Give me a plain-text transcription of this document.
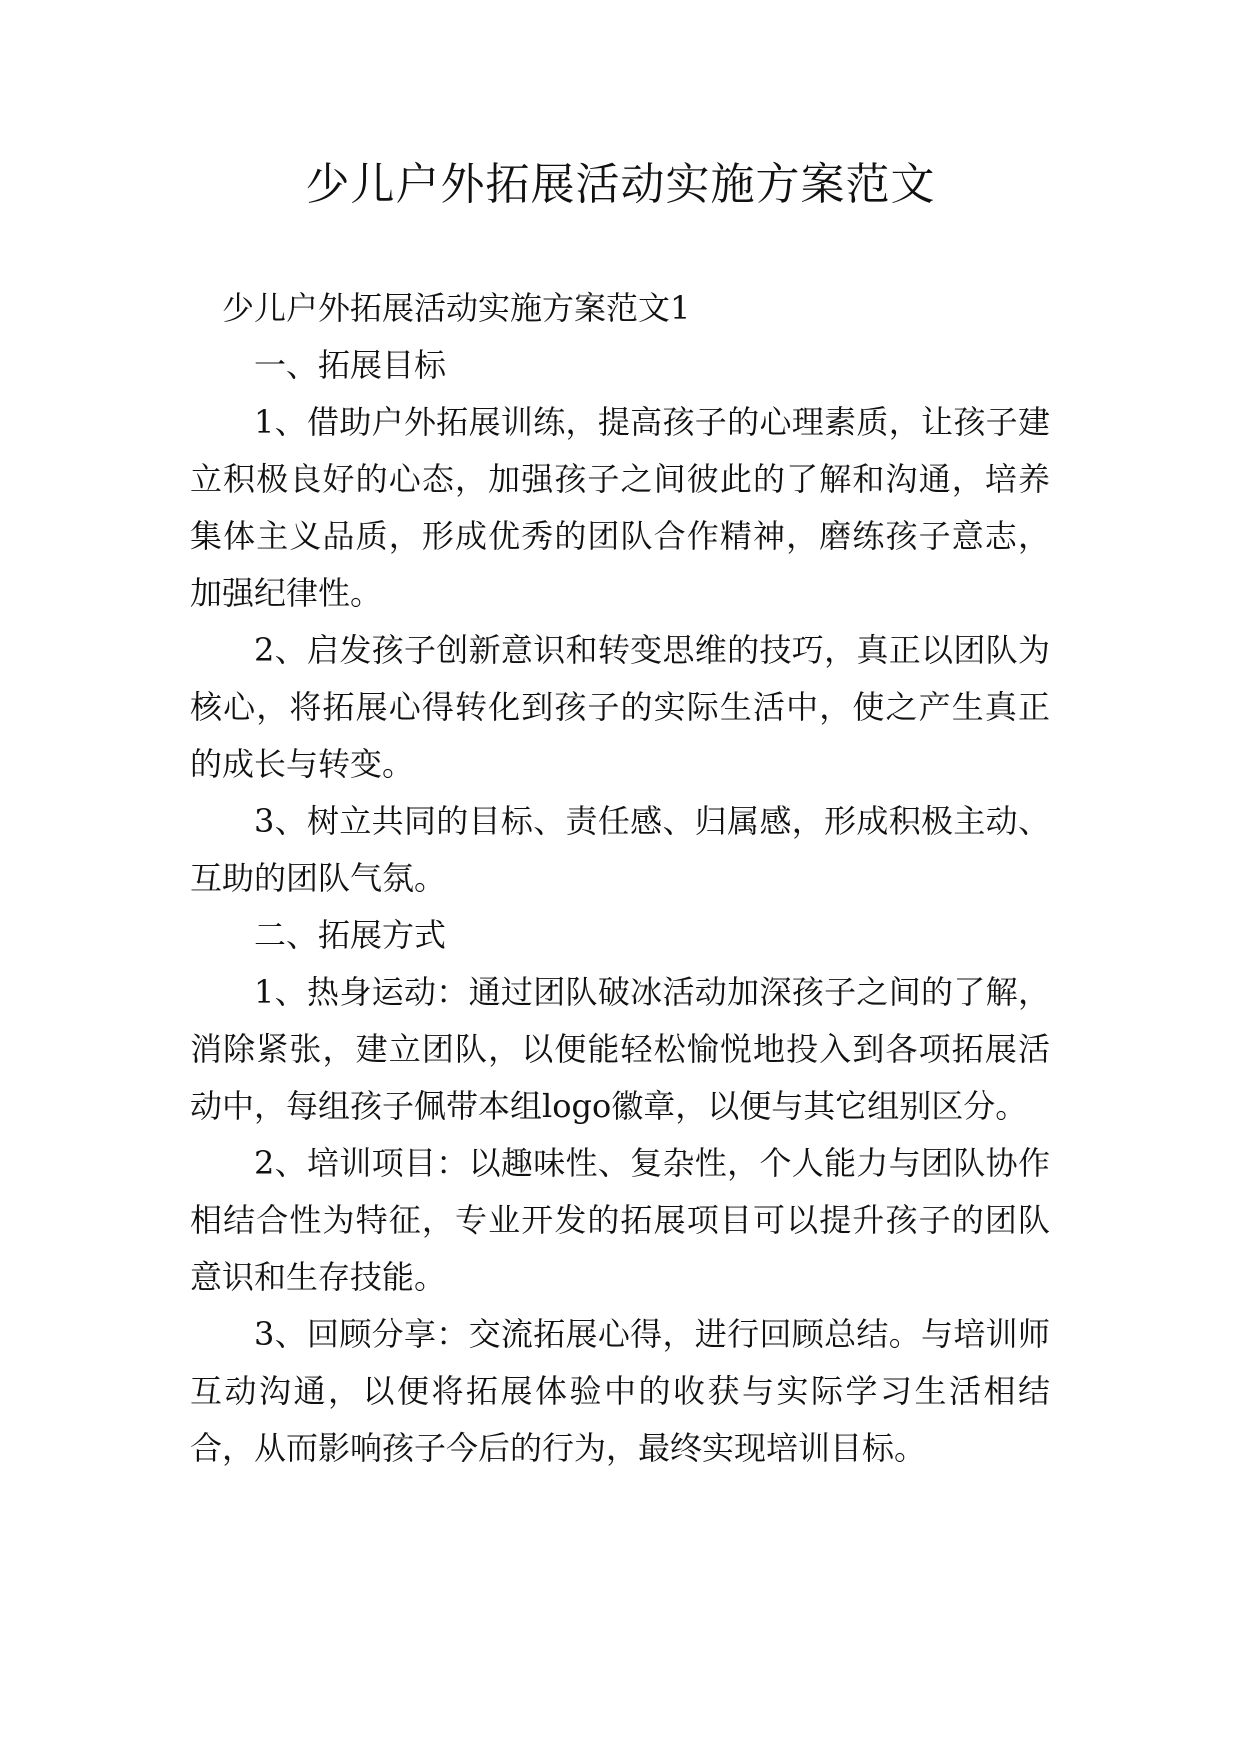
少儿户外拓展活动实施方案范文

少儿户外拓展活动实施方案范文1

一、拓展目标

1、借助户外拓展训练，提高孩子的心理素质，让孩子建立积极良好的心态，加强孩子之间彼此的了解和沟通，培养集体主义品质，形成优秀的团队合作精神，磨练孩子意志，加强纪律性。

2、启发孩子创新意识和转变思维的技巧，真正以团队为核心，将拓展心得转化到孩子的实际生活中，使之产生真正的成长与转变。

3、树立共同的目标、责任感、归属感，形成积极主动、互助的团队气氛。

二、拓展方式

1、热身运动：通过团队破冰活动加深孩子之间的了解，消除紧张，建立团队，以便能轻松愉悦地投入到各项拓展活动中，每组孩子佩带本组logo徽章，以便与其它组别区分。

2、培训项目：以趣味性、复杂性，个人能力与团队协作相结合性为特征，专业开发的拓展项目可以提升孩子的团队意识和生存技能。

3、回顾分享：交流拓展心得，进行回顾总结。与培训师互动沟通，以便将拓展体验中的收获与实际学习生活相结合，从而影响孩子今后的行为，最终实现培训目标。
